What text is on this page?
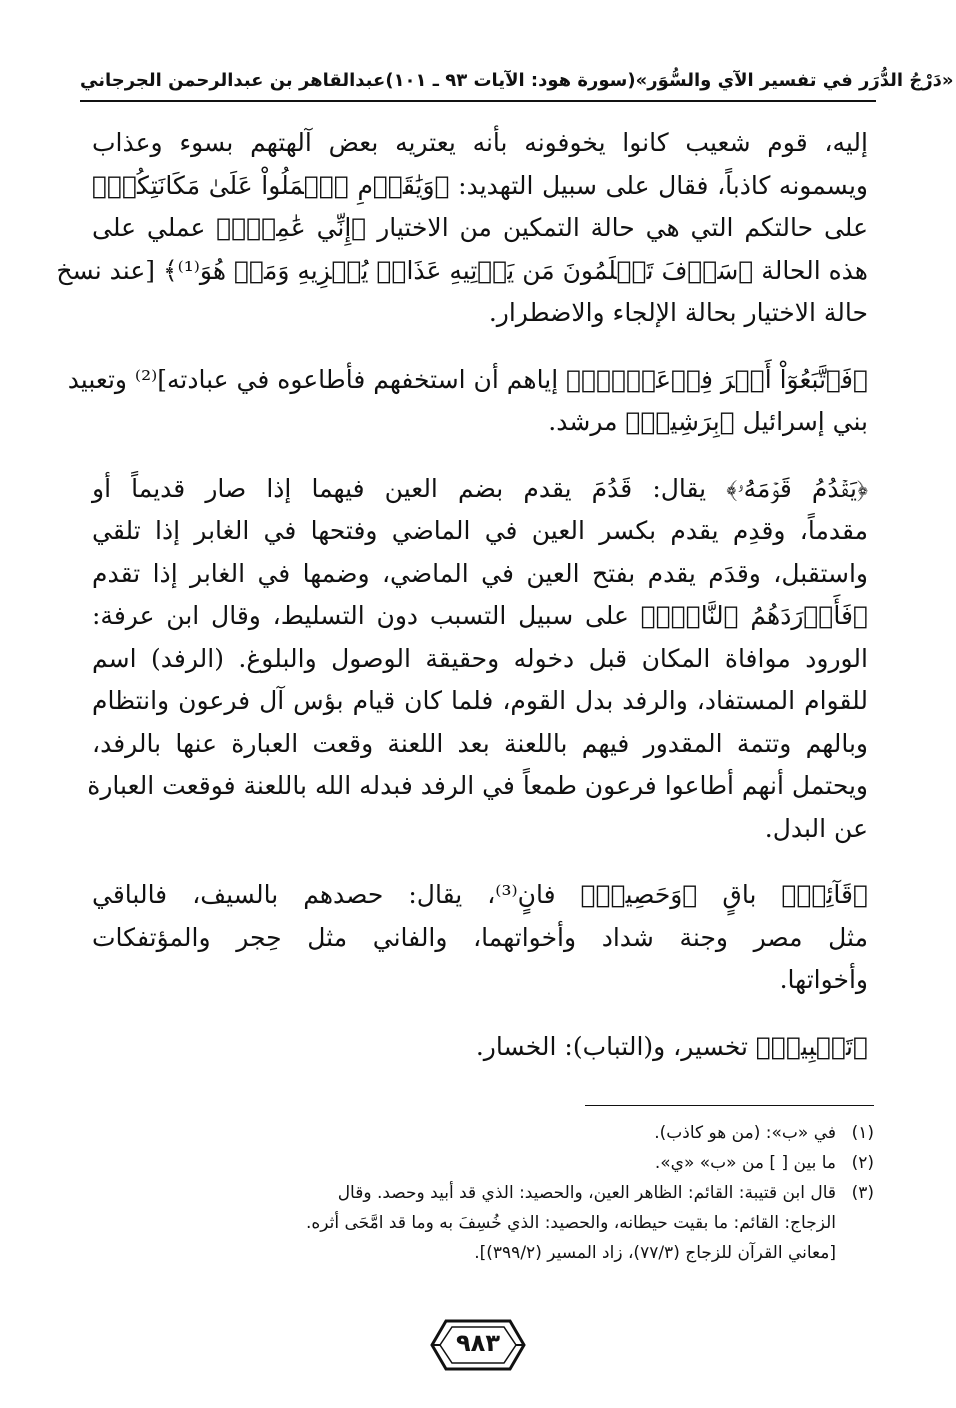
عبدالقاهر بن عبدالرحمن الجرجاني (سورة هود: الآيات ٩٣ ـ ١٠١) «دَرْجُ الدُّرَر في تفسير الآي والسُّوَر»
إليه، قوم شعيب كانوا يخوفونه بأنه يعتريه بعض آلهتهم بسوء وعذاب
ويسمونه كاذباً، فقال على سبيل التهديد: ﴿وَيَٰقَوۡمِ ٱعۡمَلُواْ عَلَىٰ مَكَانَتِكُمۡ﴾
على حالتكم التي هي حالة التمكين من الاختيار ﴿إِنِّي عَٰمِلٞۖ﴾ عملي على
هذه الحالة ﴿سَوۡفَ تَعۡلَمُونَ مَن يَأۡتِيهِ عَذَابٞ يُخۡزِيهِ وَمَنۡ هُوَ⁽¹⁾﴾ [عند نسخ
حالة الاختيار بحالة الإلجاء والاضطرار.
﴿فَٱتَّبَعُوٓاْ أَمۡرَ فِرۡعَوۡنَۖ﴾ إياهم أن استخفهم فأطاعوه في عبادته]⁽²⁾ وتعبيد
بني إسرائيل ﴿بِرَشِيدٖ﴾ مرشد.
﴿يَقۡدُمُ قَوۡمَهُۥ﴾ يقال: قَدُمَ يقدم بضم العين فيهما إذا صار قديماً أو
مقدماً، وقدِم يقدم بكسر العين في الماضي وفتحها في الغابر إذا تلقي
واستقبل، وقدَم يقدم بفتح العين في الماضي، وضمها في الغابر إذا تقدم
﴿فَأَوۡرَدَهُمُ ٱلنَّارَۖ﴾ على سبيل التسبب دون التسليط، وقال ابن عرفة:
الورود موافاة المكان قبل دخوله وحقيقة الوصول والبلوغ. (الرفد) اسم
للقوام المستفاد، والرفد بدل القوم، فلما كان قيام بؤس آل فرعون وانتظام
وبالهم وتتمة المقدور فيهم باللعنة بعد اللعنة وقعت العبارة عنها بالرفد،
ويحتمل أنهم أطاعوا فرعون طمعاً في الرفد فبدله الله باللعنة فوقعت العبارة
عن البدل.
﴿قَآئِمٞ﴾ باقٍ ﴿وَحَصِيدٞ﴾ فانٍ⁽³⁾، يقال: حصدهم بالسيف، فالباقي
مثل مصر وجنة شداد وأخواتهما، والفاني مثل حِجر والمؤتفكات
وأخواتها.
﴿تَتۡبِيبٖ﴾ تخسير، و(التباب): الخسار.
(١)في «ب»: (من هو كاذب).
(٢)ما بين [ ] من «ب» «ي».
(٣)قال ابن قتيبة: القائم: الظاهر العين، والحصيد: الذي قد أبيد وحصد. وقال
الزجاج: القائم: ما بقيت حيطانه، والحصيد: الذي خُسِفَ به وما قد امَّحَى أثره.
[معاني القرآن للزجاج (٧٧/٣)، زاد المسير (٣٩٩/٢)].
٩٨٣
